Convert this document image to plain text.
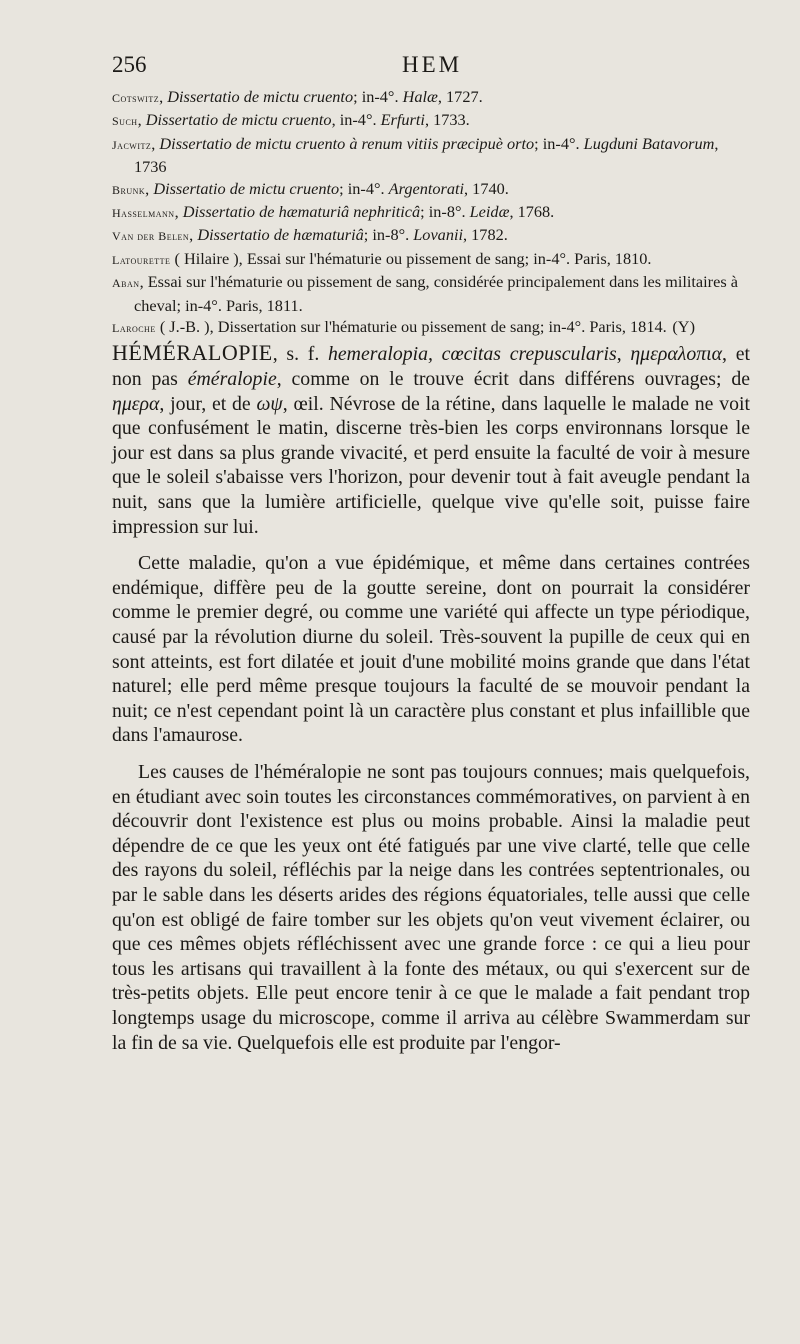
256	HEM
Cotswitz, Dissertatio de mictu cruento; in-4°. Halæ, 1727.
Such, Dissertatio de mictu cruento, in-4°. Erfurti, 1733.
Jacwitz, Dissertatio de mictu cruento à renum vitiis præcipuè orto; in-4°. Lugduni Batavorum, 1736
Brunk, Dissertatio de mictu cruento; in-4°. Argentorati, 1740.
Hasselmann, Dissertatio de hæmaturiâ nephriticâ; in-8°. Leidæ, 1768.
Van der Belen, Dissertatio de hæmaturiâ; in-8°. Lovanii, 1782.
Latourette ( Hilaire ), Essai sur l'hématurie ou pissement de sang; in-4°. Paris, 1810.
Aban, Essai sur l'hématurie ou pissement de sang, considérée principalement dans les militaires à cheval; in-4°. Paris, 1811.
Laroche ( J.-B. ), Dissertation sur l'hématurie ou pissement de sang; in-4°. Paris, 1814. (Y)

HÉMÉRALOPIE, s. f. hemeralopia, cœcitas crepuscularis, ημεραλοπια, et non pas éméralopie, comme on le trouve écrit dans différens ouvrages; de ημερα, jour, et de ωψ, œil. Névrose de la rétine, dans laquelle le malade ne voit que confusément le matin, discerne très-bien les corps environnans lorsque le jour est dans sa plus grande vivacité, et perd ensuite la faculté de voir à mesure que le soleil s'abaisse vers l'horizon, pour devenir tout à fait aveugle pendant la nuit, sans que la lumière artificielle, quelque vive qu'elle soit, puisse faire impression sur lui.

Cette maladie, qu'on a vue épidémique, et même dans certaines contrées endémique, diffère peu de la goutte sereine, dont on pourrait la considérer comme le premier degré, ou comme une variété qui affecte un type périodique, causé par la révolution diurne du soleil. Très-souvent la pupille de ceux qui en sont atteints, est fort dilatée et jouit d'une mobilité moins grande que dans l'état naturel; elle perd même presque toujours la faculté de se mouvoir pendant la nuit; ce n'est cependant point là un caractère plus constant et plus infaillible que dans l'amaurose.

Les causes de l'héméralopie ne sont pas toujours connues; mais quelquefois, en étudiant avec soin toutes les circonstances commémoratives, on parvient à en découvrir dont l'existence est plus ou moins probable. Ainsi la maladie peut dépendre de ce que les yeux ont été fatigués par une vive clarté, telle que celle des rayons du soleil, réfléchis par la neige dans les contrées septentrionales, ou par le sable dans les déserts arides des régions équatoriales, telle aussi que celle qu'on est obligé de faire tomber sur les objets qu'on veut vivement éclairer, ou que ces mêmes objets réfléchissent avec une grande force : ce qui a lieu pour tous les artisans qui travaillent à la fonte des métaux, ou qui s'exercent sur de très-petits objets. Elle peut encore tenir à ce que le malade a fait pendant trop longtemps usage du microscope, comme il arriva au célèbre Swammerdam sur la fin de sa vie. Quelquefois elle est produite par l'engor-
